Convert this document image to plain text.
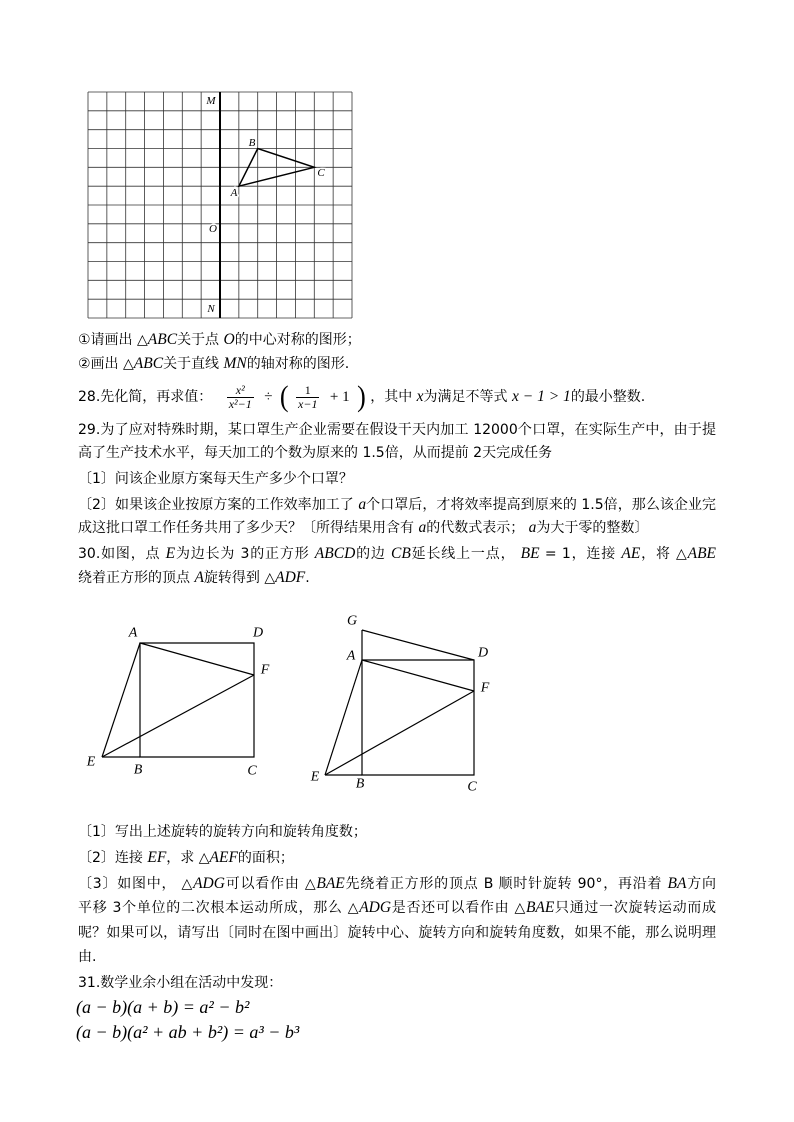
M
O
N
B
C
A
①请画出 △ABC关于点 O的中心对称的图形；
②画出 △ABC关于直线 MN的轴对称的图形.
28.先化简，再求值： $\frac{\text{x²}}{\text{x²−1}}$ ÷ ( $\frac{1}{x-1} + 1$ ) ，其中 x为满足不等式 x − 1 > 1的最小整数.
29.为了应对特殊时期，某口罩生产企业需要在假设干天内加工 12000个口罩，在实际生产中，由于提
高了生产技术水平，每天加工的个数为原来的 1.5倍，从而提前 2天完成任务
〔1〕问该企业原方案每天生产多少个口罩？
〔2〕如果该企业按原方案的工作效率加工了 a个口罩后，才将效率提高到原来的 1.5倍，那么该企业完
成这批口罩工作任务共用了多少天？〔所得结果用含有 a的代数式表示； a为大于零的整数〕
30.如图，点 E为边长为 3的正方形 ABCD的边 CB延长线上一点， BE = 1，连接 AE，将 △ABE
绕着正方形的顶点 A旋转得到 △ADF.
A	D
F
E
B	C
G
A	D
F
E	B	C
〔1〕写出上述旋转的旋转方向和旋转角度数；
〔2〕连接 EF，求 △AEF的面积；
〔3〕如图中， △ADG可以看作由 △BAE先绕着正方形的顶点 B 顺时针旋转 90°，再沿着 BA方向
平移 3个单位的二次根本运动所成，那么 △ADG是否还可以看作由 △BAE只通过一次旋转运动而成
呢？如果可以，请写出〔同时在图中画出〕旋转中心、旋转方向和旋转角度数，如果不能，那么说明理
由.
31.数学业余小组在活动中发现：
(a − b)(a + b) = a² − b²
(a − b)(a² + ab + b²) = a³ − b³
